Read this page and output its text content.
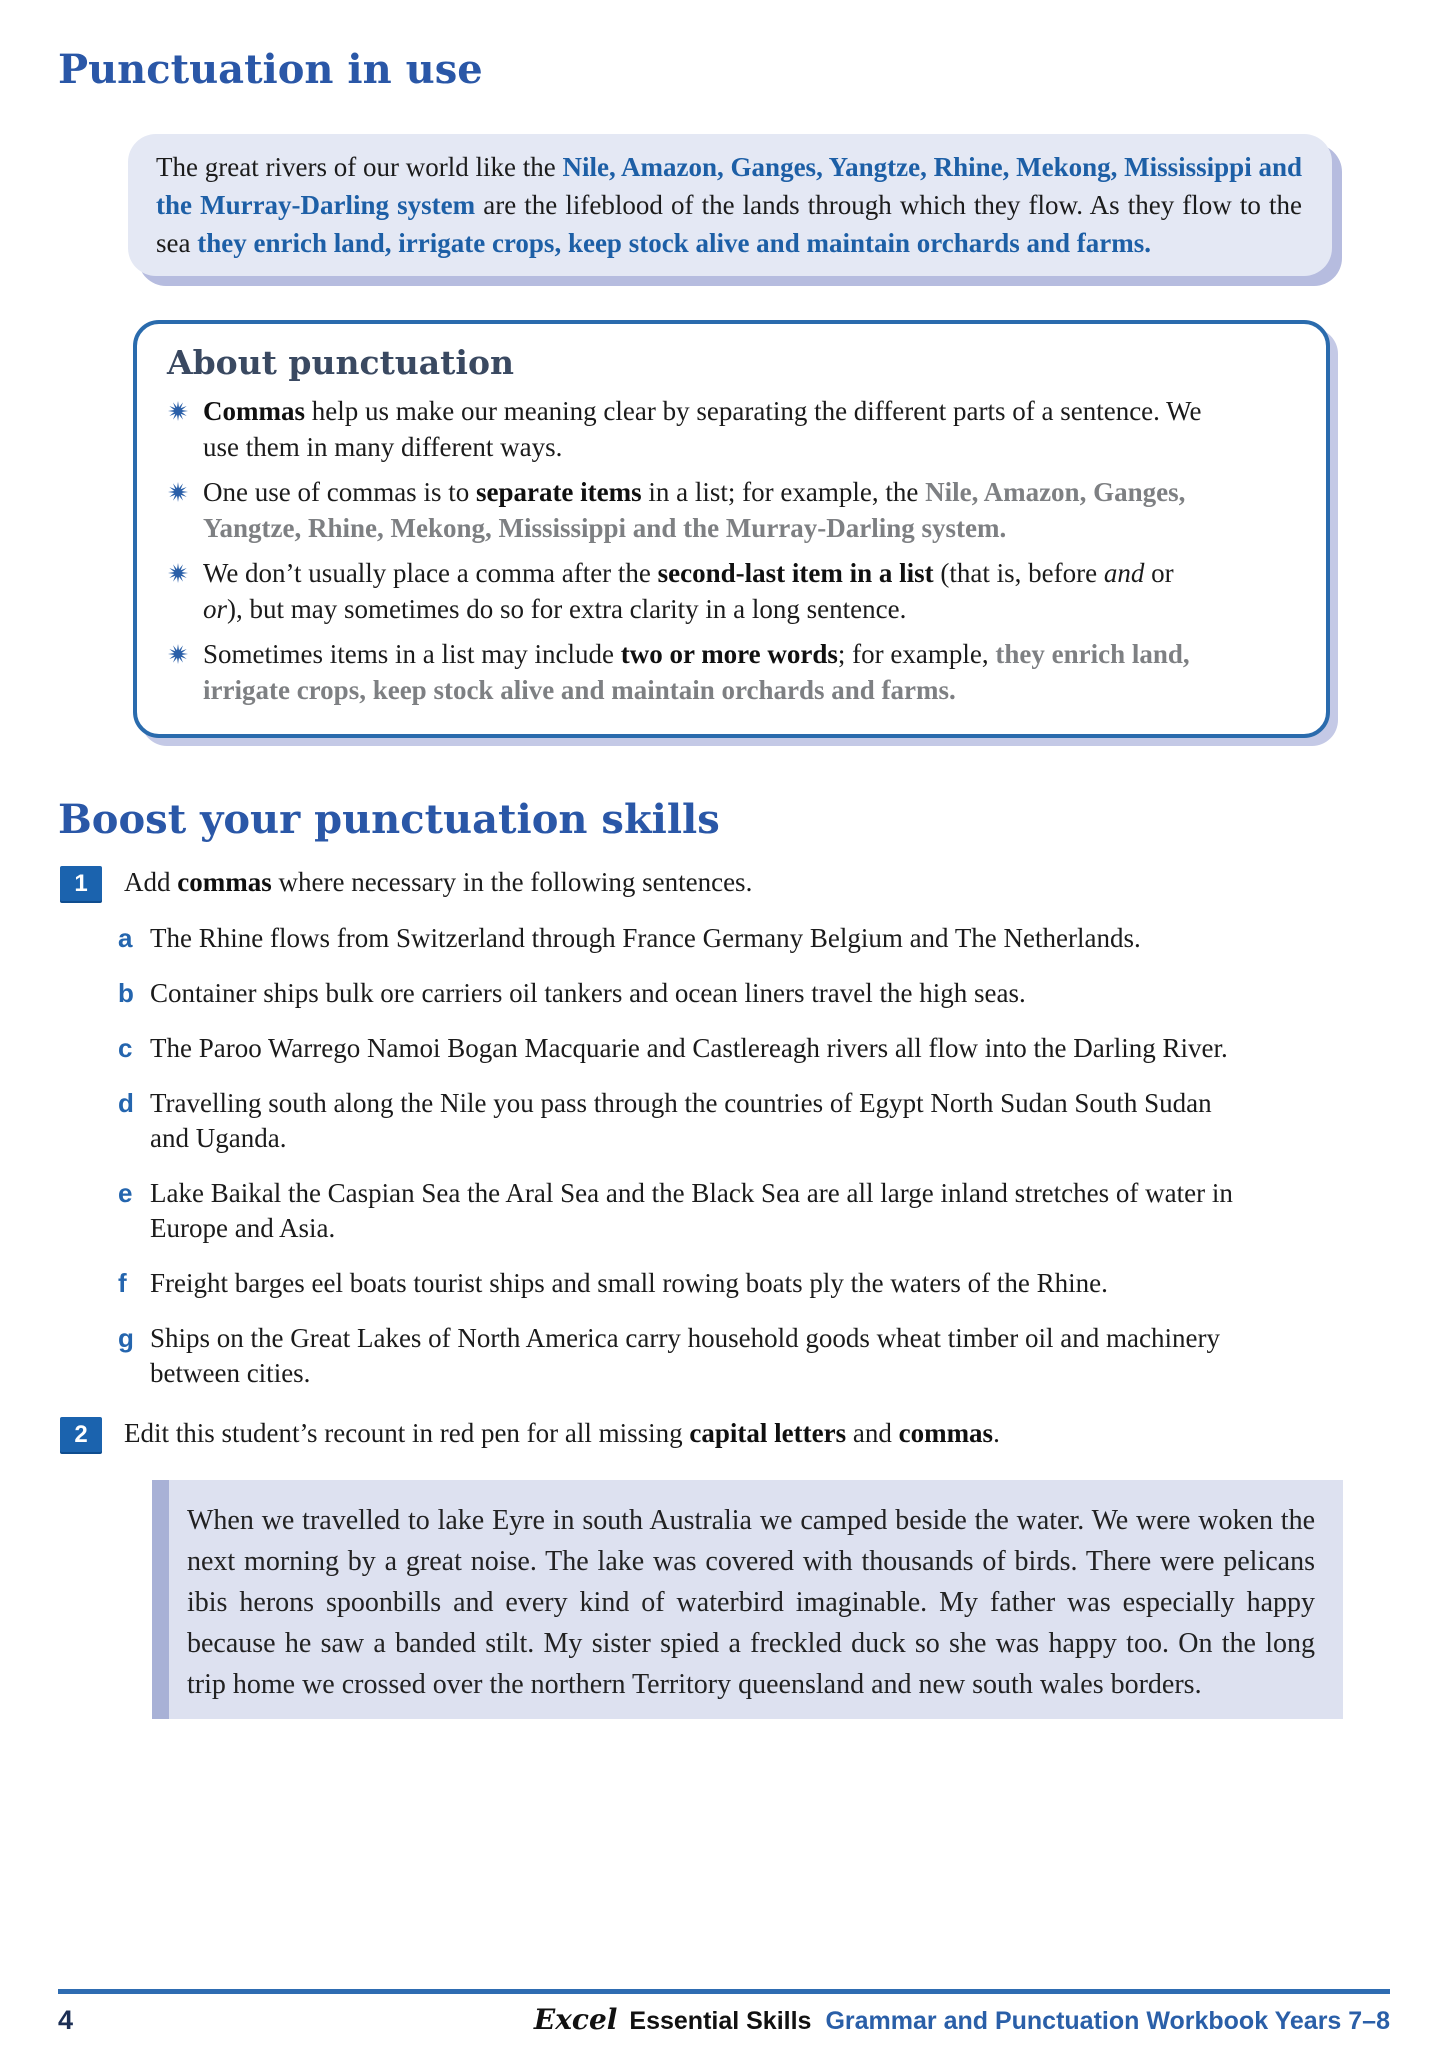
Punctuation in use

The great rivers of our world like the Nile, Amazon, Ganges, Yangtze, Rhine, Mekong, Mississippi and the Murray-Darling system are the lifeblood of the lands through which they flow. As they flow to the sea they enrich land, irrigate crops, keep stock alive and maintain orchards and farms.

About punctuation

Commas help us make our meaning clear by separating the different parts of a sentence. We use them in many different ways.

One use of commas is to separate items in a list; for example, the Nile, Amazon, Ganges, Yangtze, Rhine, Mekong, Mississippi and the Murray-Darling system.

We don’t usually place a comma after the second-last item in a list (that is, before and or or), but may sometimes do so for extra clarity in a long sentence.

Sometimes items in a list may include two or more words; for example, they enrich land, irrigate crops, keep stock alive and maintain orchards and farms.

Boost your punctuation skills
1	Add commas where necessary in the following sentences.

a The Rhine flows from Switzerland through France Germany Belgium and The Netherlands.

b Container ships bulk ore carriers oil tankers and ocean liners travel the high seas.

c The Paroo Warrego Namoi Bogan Macquarie and Castlereagh rivers all flow into the Darling River.

d Travelling south along the Nile you pass through the countries of Egypt North Sudan South Sudan and Uganda.

e Lake Baikal the Caspian Sea the Aral Sea and the Black Sea are all large inland stretches of water in Europe and Asia.

f Freight barges eel boats tourist ships and small rowing boats ply the waters of the Rhine.

g Ships on the Great Lakes of North America carry household goods wheat timber oil and machinery between cities.

2	Edit this student’s recount in red pen for all missing capital letters and commas.

When we travelled to lake Eyre in south Australia we camped beside the water. We were woken the next morning by a great noise. The lake was covered with thousands of birds. There were pelicans ibis herons spoonbills and every kind of waterbird imaginable. My father was especially happy because he saw a banded stilt. My sister spied a freckled duck so she was happy too. On the long trip home we crossed over the northern Territory queensland and new south wales borders.

4	Excel Essential Skills Grammar and Punctuation Workbook Years 7–8
